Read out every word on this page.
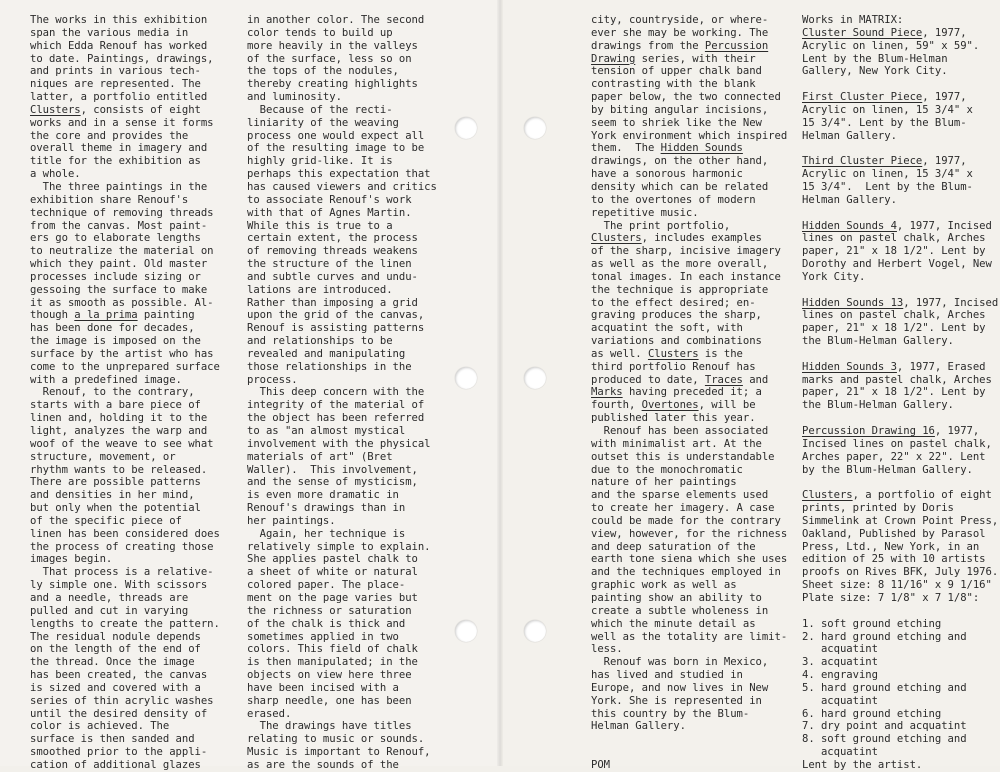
The works in this exhibition
span the various media in
which Edda Renouf has worked
to date. Paintings, drawings,
and prints in various tech-
niques are represented. The
latter, a portfolio entitled
Clusters, consists of eight
works and in a sense it forms
the core and provides the
overall theme in imagery and
title for the exhibition as
a whole.
The three paintings in the
exhibition share Renouf's
technique of removing threads
from the canvas. Most paint-
ers go to elaborate lengths
to neutralize the material on
which they paint. Old master
processes include sizing or
gessoing the surface to make
it as smooth as possible. Al-
though a la prima painting
has been done for decades,
the image is imposed on the
surface by the artist who has
come to the unprepared surface
with a predefined image.
Renouf, to the contrary,
starts with a bare piece of
linen and, holding it to the
light, analyzes the warp and
woof of the weave to see what
structure, movement, or
rhythm wants to be released.
There are possible patterns
and densities in her mind,
but only when the potential
of the specific piece of
linen has been considered does
the process of creating those
images begin.
That process is a relative-
ly simple one. With scissors
and a needle, threads are
pulled and cut in varying
lengths to create the pattern.
The residual nodule depends
on the length of the end of
the thread. Once the image
has been created, the canvas
is sized and covered with a
series of thin acrylic washes
until the desired density of
color is achieved. The
surface is then sanded and
smoothed prior to the appli-
cation of additional glazes
in another color. The second
color tends to build up
more heavily in the valleys
of the surface, less so on
the tops of the nodules,
thereby creating highlights
and luminosity.
Because of the recti-
liniarity of the weaving
process one would expect all
of the resulting image to be
highly grid-like. It is
perhaps this expectation that
has caused viewers and critics
to associate Renouf's work
with that of Agnes Martin.
While this is true to a
certain extent, the process
of removing threads weakens
the structure of the linen
and subtle curves and undu-
lations are introduced.
Rather than imposing a grid
upon the grid of the canvas,
Renouf is assisting patterns
and relationships to be
revealed and manipulating
those relationships in the
process.
This deep concern with the
integrity of the material of
the object has been referred
to as "an almost mystical
involvement with the physical
materials of art" (Bret
Waller).  This involvement,
and the sense of mysticism,
is even more dramatic in
Renouf's drawings than in
her paintings.
Again, her technique is
relatively simple to explain.
She applies pastel chalk to
a sheet of white or natural
colored paper. The place-
ment on the page varies but
the richness or saturation
of the chalk is thick and
sometimes applied in two
colors. This field of chalk
is then manipulated; in the
objects on view here three
have been incised with a
sharp needle, one has been
erased.
The drawings have titles
relating to music or sounds.
Music is important to Renouf,
as are the sounds of the
city, countryside, or where-
ever she may be working. The
drawings from the Percussion
Drawing series, with their
tension of upper chalk band
contrasting with the blank
paper below, the two connected
by biting angular incisions,
seem to shriek like the New
York environment which inspired
them.  The Hidden Sounds
drawings, on the other hand,
have a sonorous harmonic
density which can be related
to the overtones of modern
repetitive music.
The print portfolio,
Clusters, includes examples
of the sharp, incisive imagery
as well as the more overall,
tonal images. In each instance
the technique is appropriate
to the effect desired; en-
graving produces the sharp,
acquatint the soft, with
variations and combinations
as well. Clusters is the
third portfolio Renouf has
produced to date, Traces and
Marks having preceded it; a
fourth, Overtones, will be
published later this year.
Renouf has been associated
with minimalist art. At the
outset this is understandable
due to the monochromatic
nature of her paintings
and the sparse elements used
to create her imagery. A case
could be made for the contrary
view, however, for the richness
and deep saturation of the
earth tone siena which she uses
and the techniques employed in
graphic work as well as
painting show an ability to
create a subtle wholeness in
which the minute detail as
well as the totality are limit-
less.
Renouf was born in Mexico,
has lived and studied in
Europe, and now lives in New
York. She is represented in
this country by the Blum-
Helman Gallery.
POM
Works in MATRIX:
Cluster Sound Piece, 1977,
Acrylic on linen, 59" x 59".
Lent by the Blum-Helman
Gallery, New York City.
First Cluster Piece, 1977,
Acrylic on linen, 15 3/4" x
15 3/4". Lent by the Blum-
Helman Gallery.
Third Cluster Piece, 1977,
Acrylic on linen, 15 3/4" x
15 3/4".  Lent by the Blum-
Helman Gallery.
Hidden Sounds 4, 1977, Incised
lines on pastel chalk, Arches
paper, 21" x 18 1/2". Lent by
Dorothy and Herbert Vogel, New
York City.
Hidden Sounds 13, 1977, Incised
lines on pastel chalk, Arches
paper, 21" x 18 1/2". Lent by
the Blum-Helman Gallery.
Hidden Sounds 3, 1977, Erased
marks and pastel chalk, Arches
paper, 21" x 18 1/2". Lent by
the Blum-Helman Gallery.
Percussion Drawing 16, 1977,
Incised lines on pastel chalk,
Arches paper, 22" x 22". Lent
by the Blum-Helman Gallery.
Clusters, a portfolio of eight
prints, printed by Doris
Simmelink at Crown Point Press,
Oakland, Published by Parasol
Press, Ltd., New York, in an
edition of 25 with 10 artists
proofs on Rives BFK, July 1976.
Sheet size: 8 11/16" x 9 1/16"
Plate size: 7 1/8" x 7 1/8":
1. soft ground etching
2. hard ground etching and
acquatint
3. acquatint
4. engraving
5. hard ground etching and
acquatint
6. hard ground etching
7. dry point and acquatint
8. soft ground etching and
acquatint
Lent by the artist.
